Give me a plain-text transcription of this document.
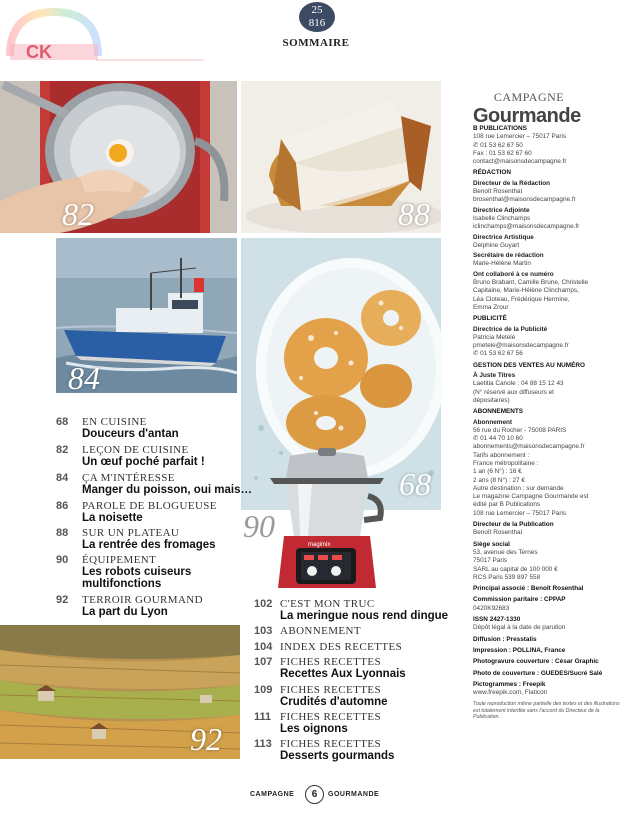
CK
25
816
SOMMAIRE
82	88
84
68
magimix
90
92
68 EN CUISINE
Douceurs d'antan
82 LEÇON DE CUISINE
Un œuf poché parfait !
84 ÇA M'INTÉRESSE
Manger du poisson, oui mais…
86 PAROLE DE BLOGUEUSE
La noisette
88 SUR UN PLATEAU
La rentrée des fromages
90 ÉQUIPEMENT
Les robots cuiseurs
multifonctions
92 TERROIR GOURMAND
La part du Lyon
102 C'EST MON TRUC
La meringue nous rend dingue
103 ABONNEMENT
104 INDEX DES RECETTES
107 FICHES RECETTES
Recettes Aux Lyonnais
109 FICHES RECETTES
Crudités d'automne
111 FICHES RECETTES
Les oignons
113 FICHES RECETTES
Desserts gourmands
CAMPAGNE
Gourmande
B PUBLICATIONS
108 rue Lemercier – 75017 Paris
✆ 01 53 62 67 50
Fax : 01 53 62 67 60
contact@maisonsdecampagne.fr
RÉDACTION
Directeur de la Rédaction
Benoît Rosenthal
brosenthal@maisonsdecampagne.fr
Directrice Adjointe
Isabelle Clinchamps
iclinchamps@maisonsdecampagne.fr
Directrice Artistique
Delphine Guyart
Secrétaire de rédaction
Marie-Hélène Martin
Ont collaboré à ce numéro
Bruno Brabant, Camille Brune, Christelle
Capitaine, Marie-Hélène Clinchamps,
Léa Cloteau, Frédérique Hermine,
Emma Zrour
PUBLICITÉ
Directrice de la Publicité
Patricia Metelé
pmetele@maisonsdecampagne.fr
✆ 01 53 62 67 56
GESTION DES VENTES AU NUMÉRO
À Juste Titres
Laetitia Canole : 04 88 15 12 43
(N° réservé aux diffuseurs et
dépositaires)
ABONNEMENTS
Abonnement
56 rue du Rocher - 75008 PARIS
✆ 01 44 70 10 60
abonnements@maisonsdecampagne.fr
Tarifs abonnement :
France métropolitaine :
1 an (6 N°) : 16 €
2 ans (8 N°) : 27 €
Autre destination : sur demande
Le magazine Campagne Gourmande est
édité par B Publications
108 rue Lemercier – 75017 Paris
Directeur de la Publication
Benoît Rosenthal
Siège social
53, avenue des Ternes
75017 Paris
SARL au capital de 100 000 €
RCS Paris 539 897 558
Principal associé : Benoît Rosenthal
Commission paritaire : CPPAP
0420K92683
ISSN 2427-1330
Dépôt légal à la date de parution
Diffusion : Presstalis
Impression : POLLINA, France
Photogravure couverture : César Graphic
Photo de couverture : GUEDES/Sucré Salé
Pictogrammes : Freepik
www.freepik.com, Flaticon
Toute reproduction même partielle des textes et des illustrations est totalement interdite sans l'accord du Directeur de la Publication.
CAMPAGNE	6	GOURMANDE
